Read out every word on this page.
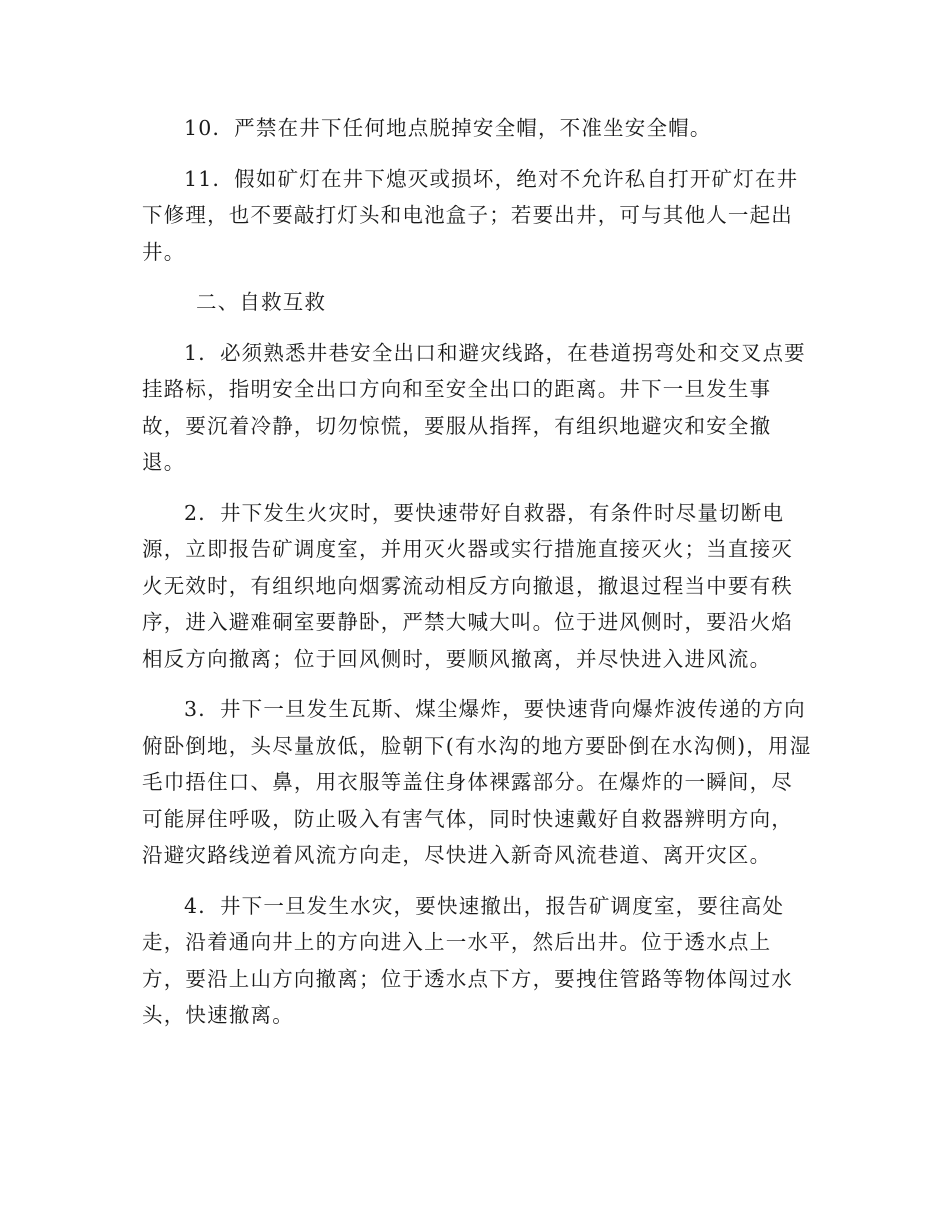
10．严禁在井下任何地点脱掉安全帽，不准坐安全帽。

11．假如矿灯在井下熄灭或损坏，绝对不允许私自打开矿灯在井下修理，也不要敲打灯头和电池盒子；若要出井，可与其他人一起出井。

二、自救互救

1．必须熟悉井巷安全出口和避灾线路，在巷道拐弯处和交叉点要挂路标，指明安全出口方向和至安全出口的距离。井下一旦发生事故，要沉着冷静，切勿惊慌，要服从指挥，有组织地避灾和安全撤退。

2．井下发生火灾时，要快速带好自救器，有条件时尽量切断电源，立即报告矿调度室，并用灭火器或实行措施直接灭火；当直接灭火无效时，有组织地向烟雾流动相反方向撤退，撤退过程当中要有秩序，进入避难硐室要静卧，严禁大喊大叫。位于进风侧时，要沿火焰相反方向撤离；位于回风侧时，要顺风撤离，并尽快进入进风流。

3．井下一旦发生瓦斯、煤尘爆炸，要快速背向爆炸波传递的方向俯卧倒地，头尽量放低，脸朝下(有水沟的地方要卧倒在水沟侧)，用湿毛巾捂住口、鼻，用衣服等盖住身体裸露部分。在爆炸的一瞬间，尽可能屏住呼吸，防止吸入有害气体，同时快速戴好自救器辨明方向，沿避灾路线逆着风流方向走，尽快进入新奇风流巷道、离开灾区。

4．井下一旦发生水灾，要快速撤出，报告矿调度室，要往高处走，沿着通向井上的方向进入上一水平，然后出井。位于透水点上方，要沿上山方向撤离；位于透水点下方，要拽住管路等物体闯过水头，快速撤离。
